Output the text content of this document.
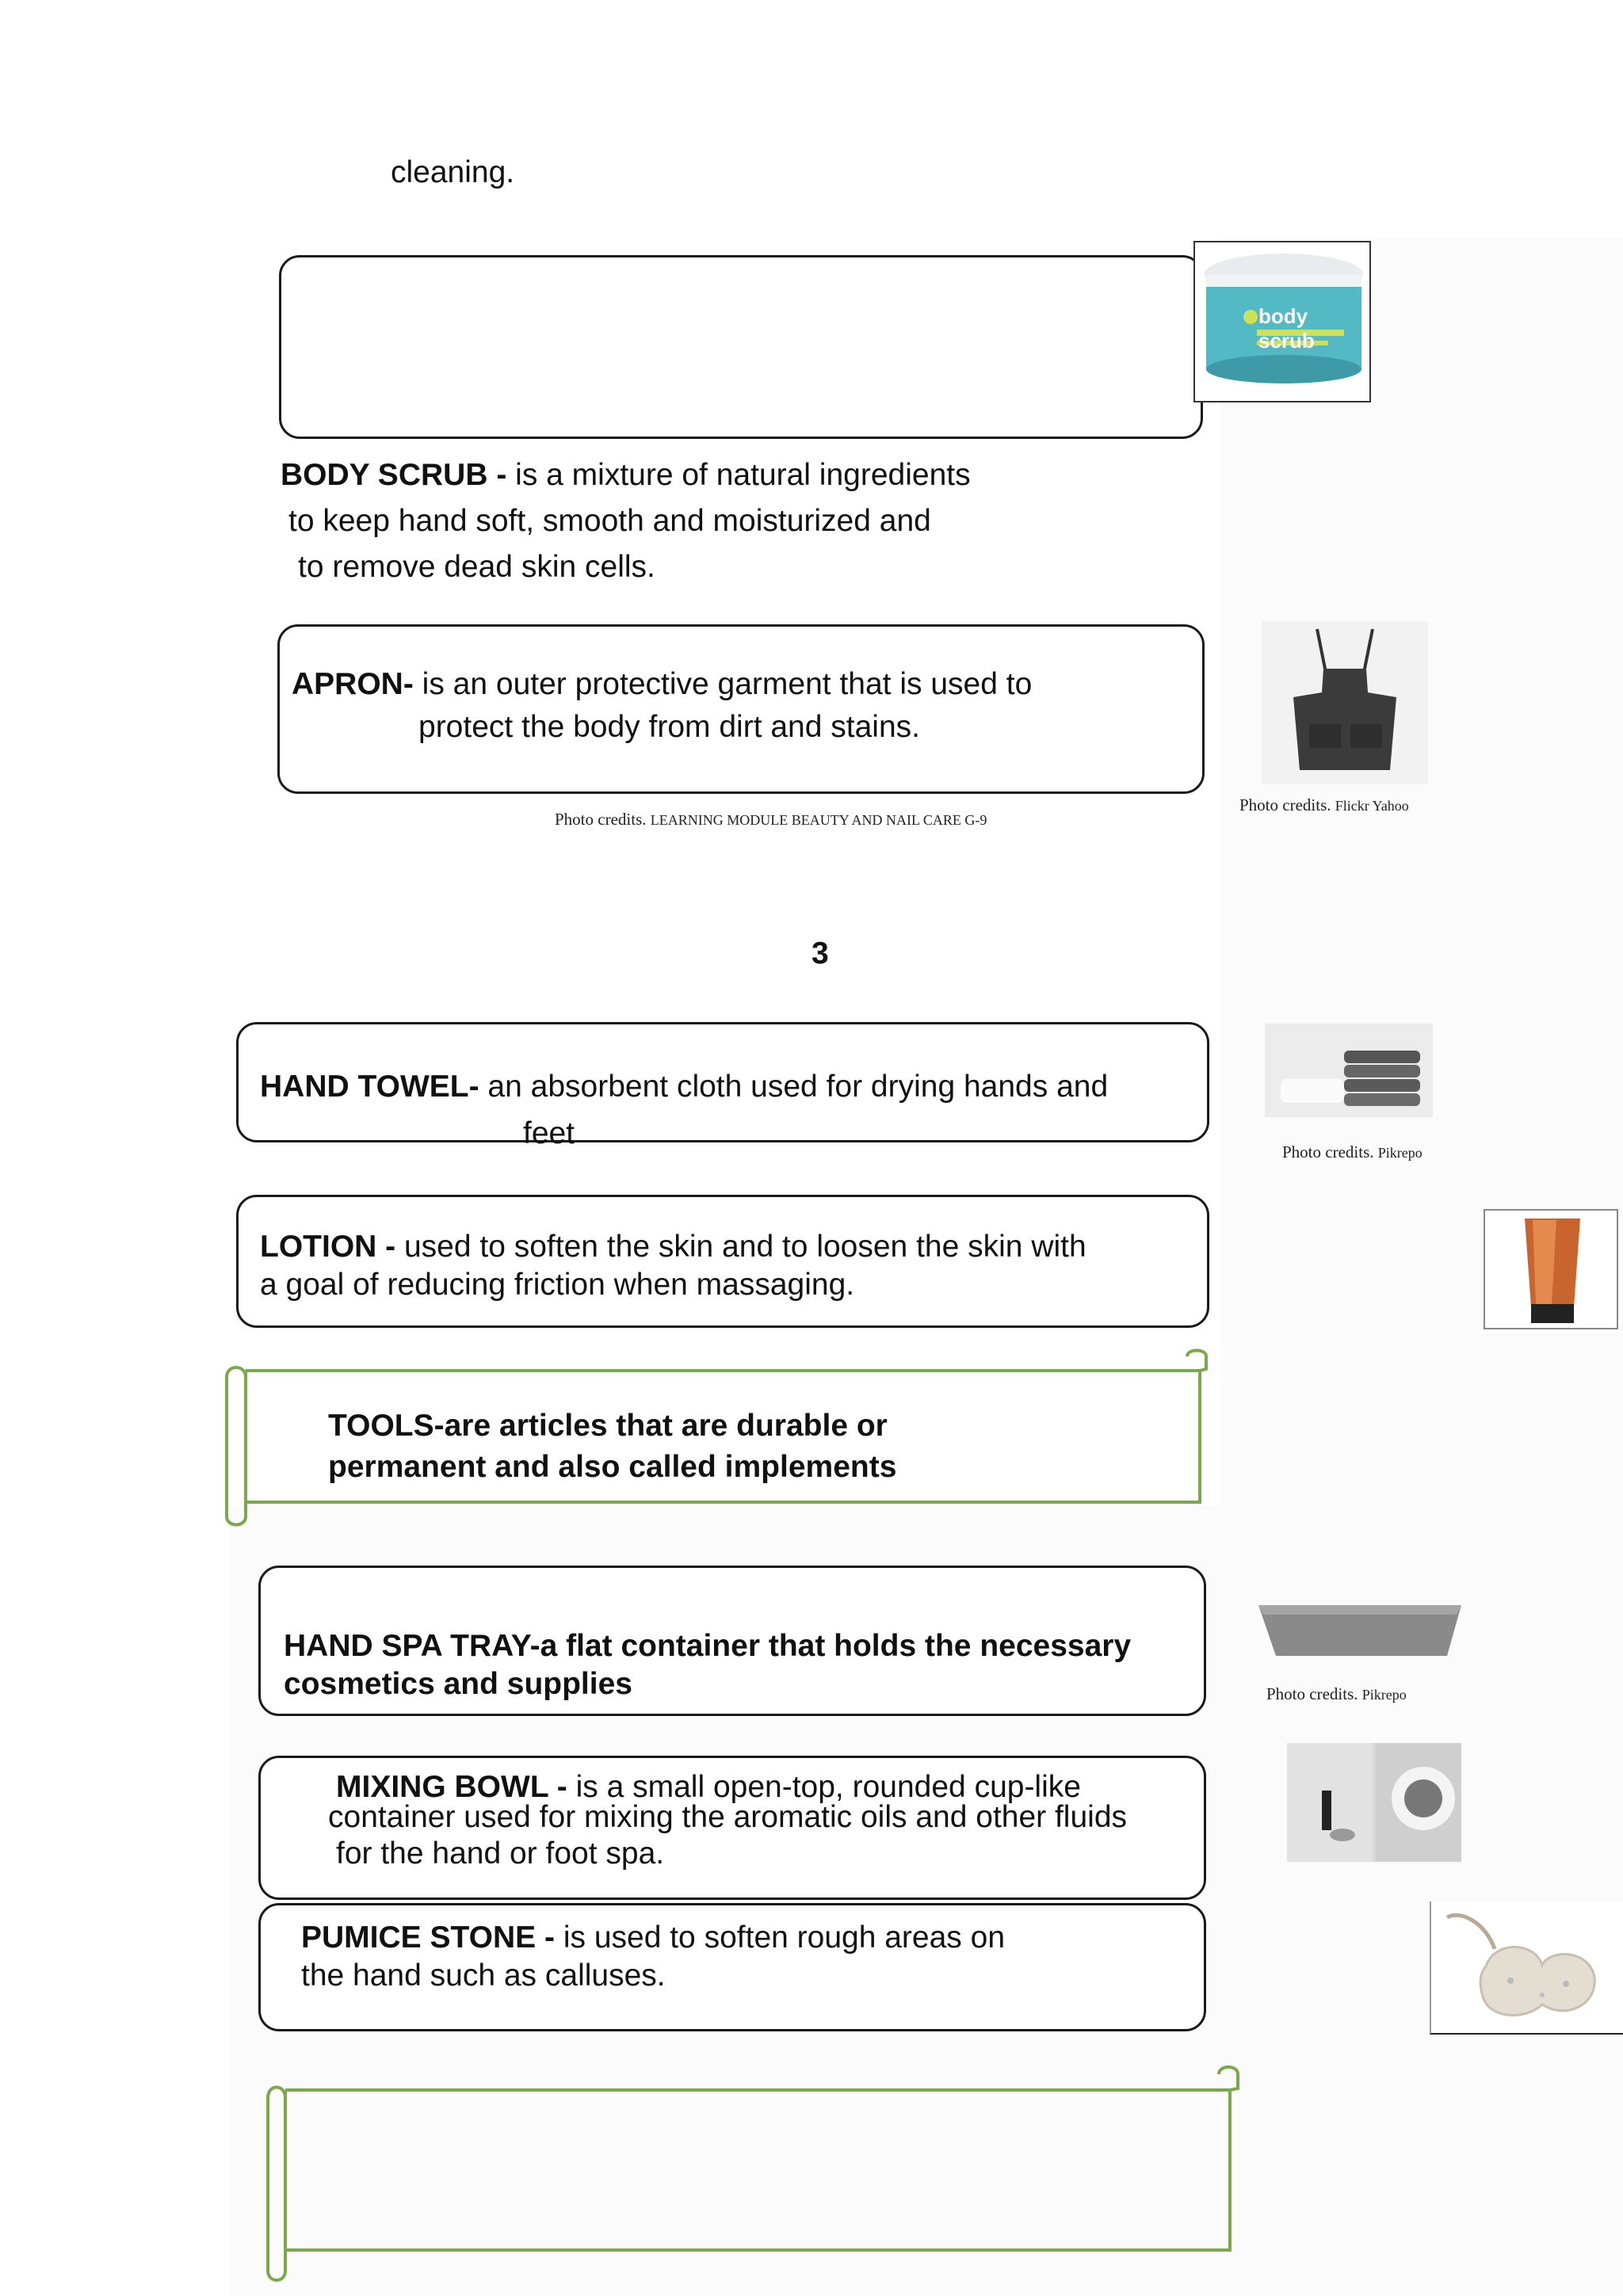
cleaning.
body scrub
BODY SCRUB - is a mixture of natural ingredients
to keep hand soft, smooth and moisturized and
to remove dead skin cells.
APRON- is an outer protective garment that is used to
protect the body from dirt and stains.
Photo credits. LEARNING MODULE BEAUTY AND NAIL CARE G-9
Photo credits. Flickr Yahoo
3
HAND TOWEL- an absorbent cloth used for drying hands and
feet
Photo credits. Pikrepo
LOTION - used to soften the skin and to loosen the skin with
a goal of reducing friction when massaging.
TOOLS-are articles that are durable or
permanent and also called implements
HAND SPA TRAY-a flat container that holds the necessary
cosmetics and supplies	Photo credits. Pikrepo
MIXING BOWL - is a small open-top, rounded cup-like
container used for mixing the aromatic oils and other fluids
for the hand or foot spa.
PUMICE STONE - is used to soften rough areas on
the hand such as calluses.
